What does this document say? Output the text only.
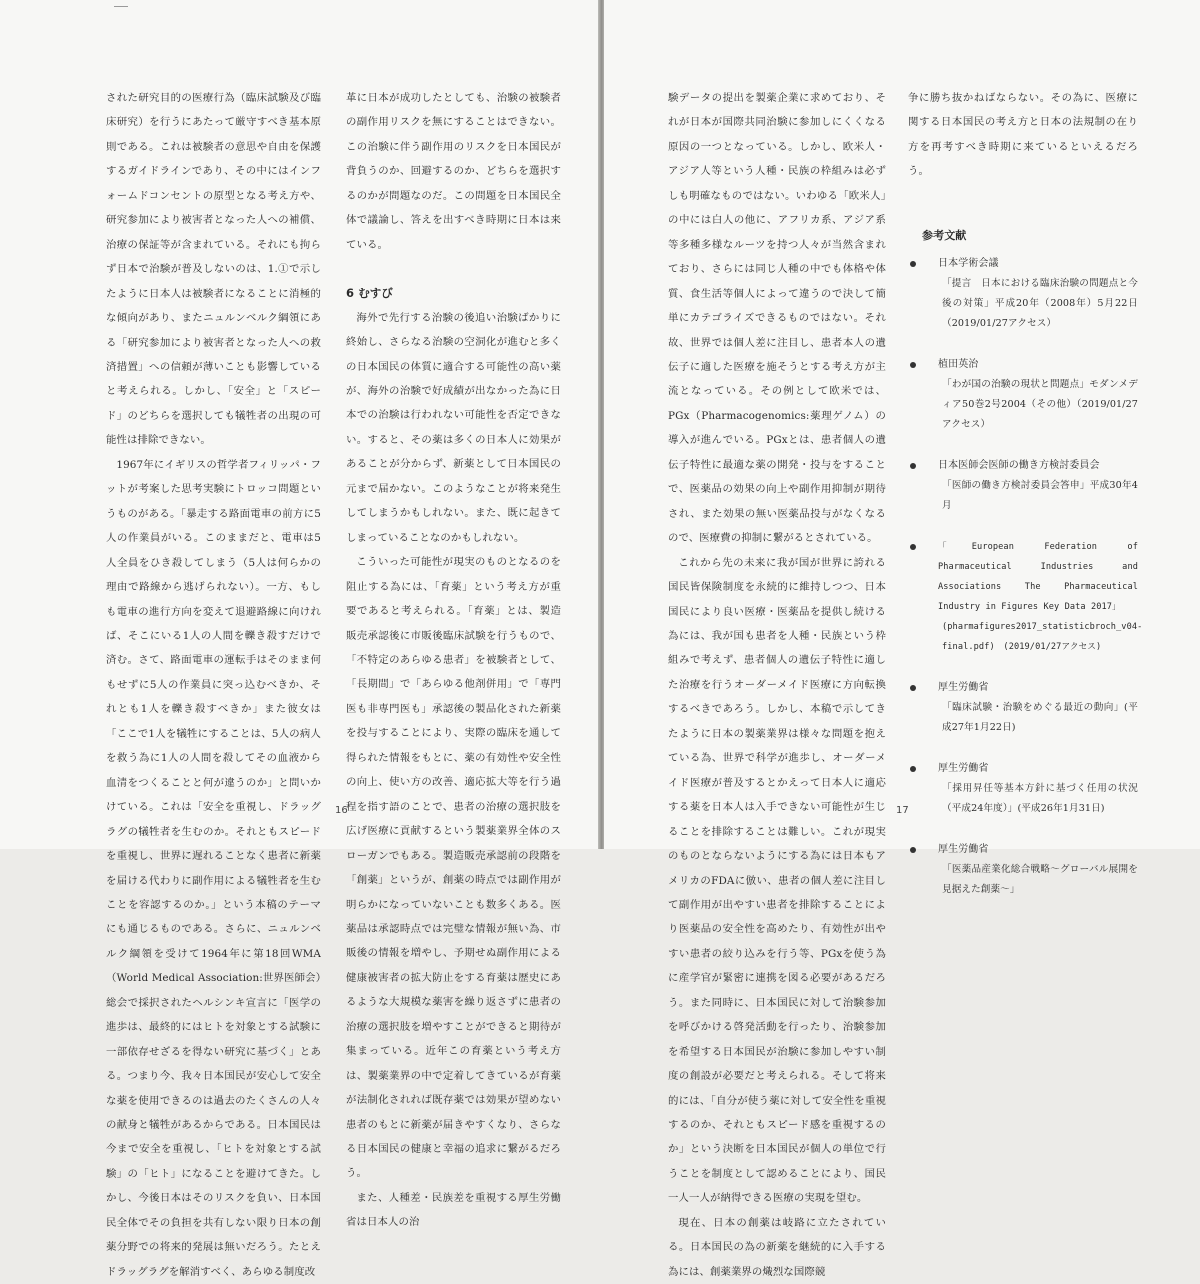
された研究目的の医療行為（臨床試験及び臨床研究）を行うにあたって厳守すべき基本原則である。これは被験者の意思や自由を保護するガイドラインであり、その中にはインフォームドコンセントの原型となる考え方や、研究参加により被害者となった人への補償、治療の保証等が含まれている。それにも拘らず日本で治験が普及しないのは、1.①で示したように日本人は被験者になることに消極的な傾向があり、またニュルンベルク綱領にある「研究参加により被害者となった人への救済措置」への信頼が薄いことも影響していると考えられる。しかし、「安全」と「スピード」のどちらを選択しても犠牲者の出現の可能性は排除できない。

1967年にイギリスの哲学者フィリッパ・フットが考案した思考実験にトロッコ問題というものがある。「暴走する路面電車の前方に5人の作業員がいる。このままだと、電車は5人全員をひき殺してしまう（5人は何らかの理由で路線から逃げられない）。一方、もしも電車の進行方向を変えて退避路線に向ければ、そこにいる1人の人間を轢き殺すだけで済む。さて、路面電車の運転手はそのまま何もせずに5人の作業員に突っ込むべきか、それとも1人を轢き殺すべきか」また彼女は「ここで1人を犠牲にすることは、5人の病人を救う為に1人の人間を殺してその血液から血清をつくることと何が違うのか」と問いかけている。これは「安全を重視し、ドラッグラグの犠牲者を生むのか。それともスピードを重視し、世界に遅れることなく患者に新薬を届ける代わりに副作用による犠牲者を生むことを容認するのか。」という本稿のテーマにも通じるものである。さらに、ニュルンベルク綱領を受けて1964年に第18回WMA（World Medical Association:世界医師会）総会で採択されたヘルシンキ宣言に「医学の進歩は、最終的にはヒトを対象とする試験に一部依存せざるを得ない研究に基づく」とある。つまり今、我々日本国民が安心して安全な薬を使用できるのは過去のたくさんの人々の献身と犠牲があるからである。日本国民は今まで安全を重視し、「ヒトを対象とする試験」の「ヒト」になることを避けてきた。しかし、今後日本はそのリスクを負い、日本国民全体でその負担を共有しない限り日本の創薬分野での将来的発展は無いだろう。たとえドラッグラグを解消すべく、あらゆる制度改

革に日本が成功したとしても、治験の被験者の副作用リスクを無にすることはできない。この治験に伴う副作用のリスクを日本国民が背負うのか、回避するのか、どちらを選択するのかが問題なのだ。この問題を日本国民全体で議論し、答えを出すべき時期に日本は来ている。

6 むすび

海外で先行する治験の後追い治験ばかりに終始し、さらなる治験の空洞化が進むと多くの日本国民の体質に適合する可能性の高い薬が、海外の治験で好成績が出なかった為に日本での治験は行われない可能性を否定できない。すると、その薬は多くの日本人に効果があることが分からず、新薬として日本国民の元まで届かない。このようなことが将来発生してしまうかもしれない。また、既に起きてしまっていることなのかもしれない。

こういった可能性が現実のものとなるのを阻止する為には、「育薬」という考え方が重要であると考えられる。「育薬」とは、製造販売承認後に市販後臨床試験を行うもので、「不特定のあらゆる患者」を被験者として、「長期間」で「あらゆる他剤併用」で「専門医も非専門医も」承認後の製品化された新薬を投与することにより、実際の臨床を通して得られた情報をもとに、薬の有効性や安全性の向上、使い方の改善、適応拡大等を行う過程を指す語のことで、患者の治療の選択肢を広げ医療に貢献するという製薬業界全体のスローガンでもある。製造販売承認前の段階を「創薬」というが、創薬の時点では副作用が明らかになっていないことも数多くある。医薬品は承認時点では完璧な情報が無い為、市販後の情報を増やし、予期せぬ副作用による健康被害者の拡大防止をする育薬は歴史にあるような大規模な薬害を繰り返さずに患者の治療の選択肢を増やすことができると期待が集まっている。近年この育薬という考え方は、製薬業界の中で定着してきているが育薬が法制化されれば既存薬では効果が望めない患者のもとに新薬が届きやすくなり、さらなる日本国民の健康と幸福の追求に繋がるだろう。

また、人種差・民族差を重視する厚生労働省は日本人の治

16

験データの提出を製薬企業に求めており、それが日本が国際共同治験に参加しにくくなる原因の一つとなっている。しかし、欧米人・アジア人等という人種・民族の枠組みは必ずしも明確なものではない。いわゆる「欧米人」の中には白人の他に、アフリカ系、アジア系等多種多様なルーツを持つ人々が当然含まれており、さらには同じ人種の中でも体格や体質、食生活等個人によって違うので決して簡単にカテゴライズできるものではない。それ故、世界では個人差に注目し、患者本人の遺伝子に適した医療を施そうとする考え方が主流となっている。その例として欧米では、PGx（Pharmacogenomics:薬理ゲノム）の導入が進んでいる。PGxとは、患者個人の遺伝子特性に最適な薬の開発・投与をすることで、医薬品の効果の向上や副作用抑制が期待され、また効果の無い医薬品投与がなくなるので、医療費の抑制に繋がるとされている。

これから先の未来に我が国が世界に誇れる国民皆保険制度を永続的に維持しつつ、日本国民により良い医療・医薬品を提供し続ける為には、我が国も患者を人種・民族という枠組みで考えず、患者個人の遺伝子特性に適した治療を行うオーダーメイド医療に方向転換するべきであろう。しかし、本稿で示してきたように日本の製薬業界は様々な問題を抱えている為、世界で科学が進歩し、オーダーメイド医療が普及するとかえって日本人に適応する薬を日本人は入手できない可能性が生じることを排除することは難しい。これが現実のものとならないようにする為には日本もアメリカのFDAに倣い、患者の個人差に注目して副作用が出やすい患者を排除することにより医薬品の安全性を高めたり、有効性が出やすい患者の絞り込みを行う等、PGxを使う為に産学官が緊密に連携を図る必要があるだろう。また同時に、日本国民に対して治験参加を呼びかける啓発活動を行ったり、治験参加を希望する日本国民が治験に参加しやすい制度の創設が必要だと考えられる。そして将来的には、「自分が使う薬に対して安全性を重視するのか、それともスピード感を重視するのか」という決断を日本国民が個人の単位で行うことを制度として認めることにより、国民一人一人が納得できる医療の実現を望む。

現在、日本の創薬は岐路に立たされている。日本国民の為の新薬を継続的に入手する為には、創薬業界の熾烈な国際競

争に勝ち抜かねばならない。その為に、医療に関する日本国民の考え方と日本の法規制の在り方を再考すべき時期に来ているといえるだろう。

参考文献
日本学術会議
「提言　日本における臨床治験の問題点と今後の対策」平成20年（2008年）5月22日　（2019/01/27アクセス）
植田英治
「わが国の治験の現状と問題点」モダンメディア50巻2号2004（その他）（2019/01/27アクセス）
日本医師会医師の働き方検討委員会
「医師の働き方検討委員会答申」平成30年4月
「European Federation of Pharmaceutical Industries and Associations The Pharmaceutical Industry in Figures Key Data 2017」
(pharmafigures2017_statisticbroch_v04-final.pdf)　(2019/01/27アクセス)
厚生労働省
「臨床試験・治験をめぐる最近の動向」(平成27年1月22日)
厚生労働省
「採用昇任等基本方針に基づく任用の状況（平成24年度）」(平成26年1月31日)
厚生労働省
「医薬品産業化総合戦略～グローバル展開を見据えた創薬～」
17
